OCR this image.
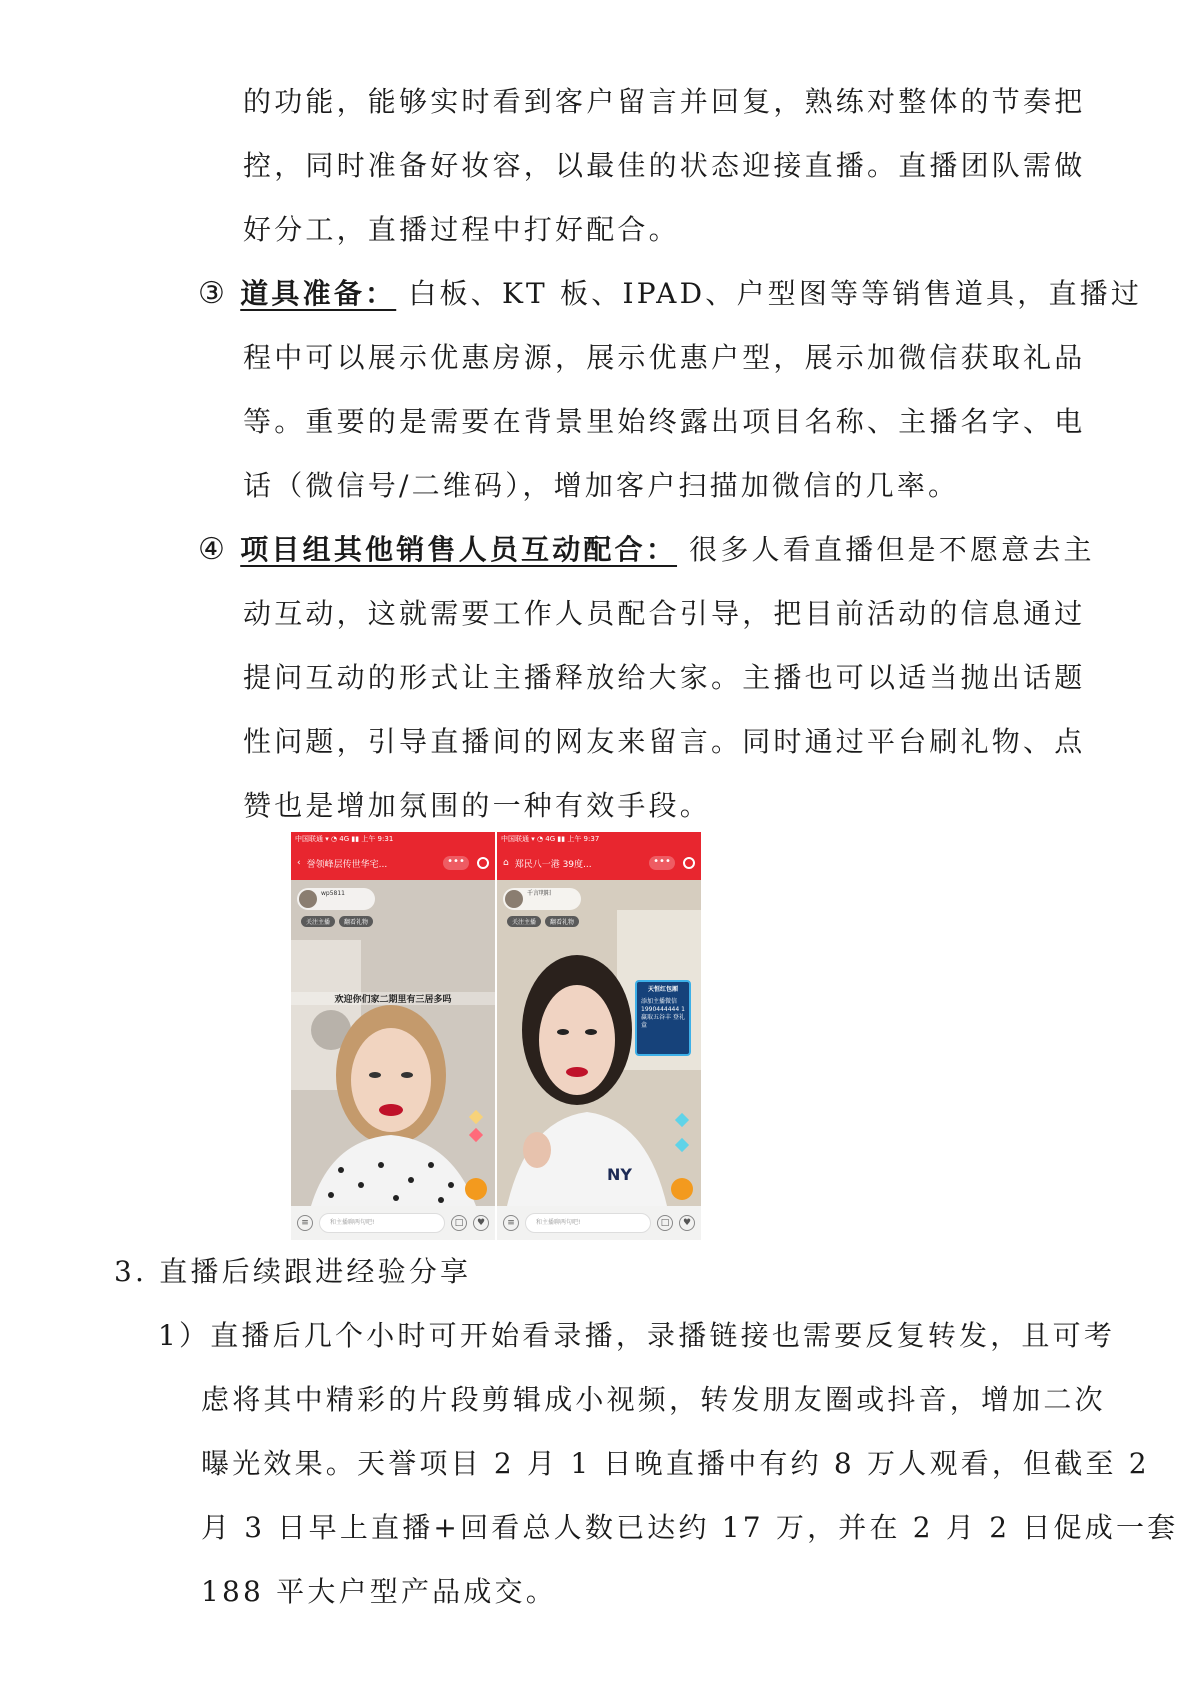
的功能，能够实时看到客户留言并回复，熟练对整体的节奏把
控，同时准备好妆容，以最佳的状态迎接直播。直播团队需做
好分工，直播过程中打好配合。
③ 道具准备： 白板、KT 板、IPAD、户型图等等销售道具，直播过
程中可以展示优惠房源，展示优惠户型，展示加微信获取礼品
等。重要的是需要在背景里始终露出项目名称、主播名字、电
话（微信号/二维码），增加客户扫描加微信的几率。
④ 项目组其他销售人员互动配合： 很多人看直播但是不愿意去主
动互动，这就需要工作人员配合引导，把目前活动的信息通过
提问互动的形式让主播释放给大家。主播也可以适当抛出话题
性问题，引导直播间的网友来留言。同时通过平台刷礼物、点
赞也是增加氛围的一种有效手段。
中国联通 ▾ ◔ 4G ▮▮ 上午 9:31
‹ 誉领峰层传世华宅...	•••
wp5811
关注主播	翻看礼物
欢迎你们家二期里有三居多吗
≡	和主播聊两句吧!	□	♥
中国联通 ▾ ◔ 4G ▮▮ 上午 9:37
⌂ 郑民八一港 39度...	•••
NY
千言明阳
关注主播	翻看礼物
天恒红包厢
添加主播微信 1990444444 1 赢取五谷丰 登礼盒
≡	和主播聊两句吧!	□	♥
3. 直播后续跟进经验分享
1）直播后几个小时可开始看录播，录播链接也需要反复转发，且可考
虑将其中精彩的片段剪辑成小视频，转发朋友圈或抖音，增加二次
曝光效果。天誉项目 2 月 1 日晚直播中有约 8 万人观看，但截至 2
月 3 日早上直播+回看总人数已达约 17 万，并在 2 月 2 日促成一套
188 平大户型产品成交。
